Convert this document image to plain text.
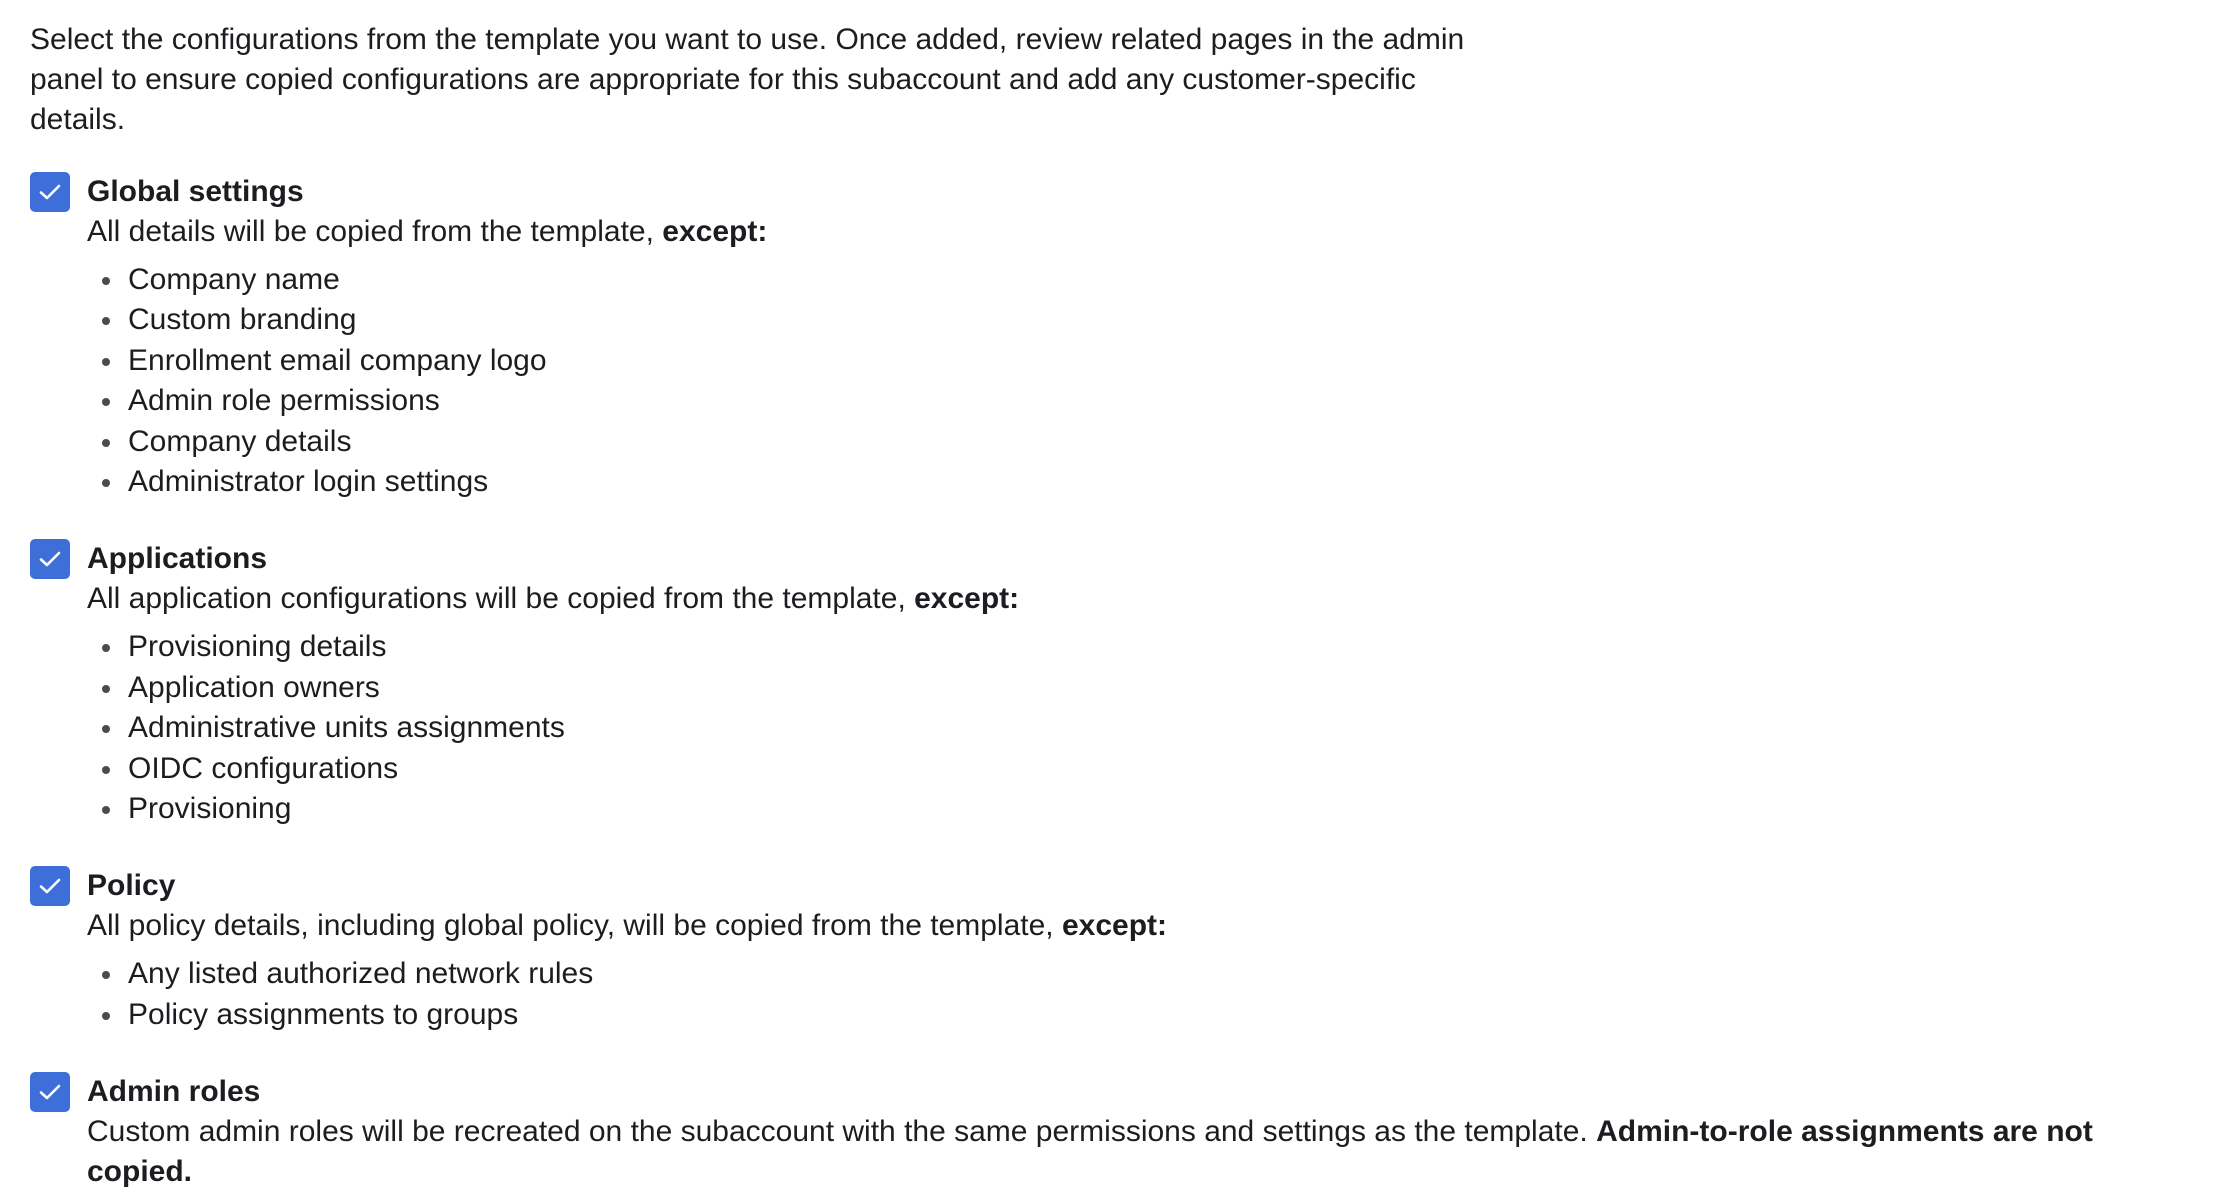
Select the configurations from the template you want to use. Once added, review related pages in the admin
panel to ensure copied configurations are appropriate for this subaccount and add any customer-specific
details.

Global settings
All details will be copied from the template, except:
Company name
Custom branding
Enrollment email company logo
Admin role permissions
Company details
Administrator login settings
Applications
All application configurations will be copied from the template, except:
Provisioning details
Application owners
Administrative units assignments
OIDC configurations
Provisioning
Policy
All policy details, including global policy, will be copied from the template, except:
Any listed authorized network rules
Policy assignments to groups
Admin roles
Custom admin roles will be recreated on the subaccount with the same permissions and settings as the template. Admin-to-role assignments are not copied.
